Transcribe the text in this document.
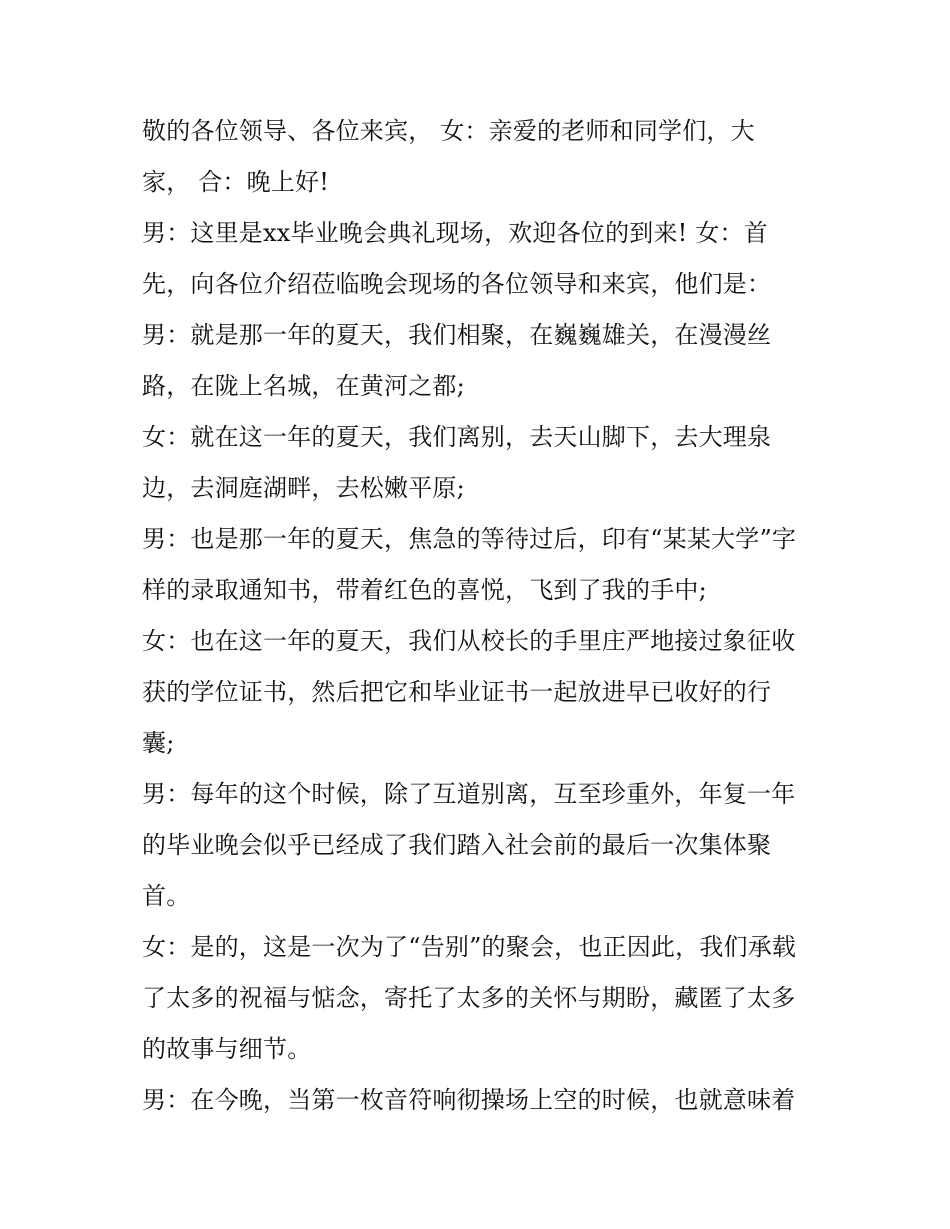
敬的各位领导、各位来宾， 女：亲爱的老师和同学们，大
家， 合：晚上好!
男：这里是xx毕业晚会典礼现场，欢迎各位的到来! 女：首
先，向各位介绍莅临晚会现场的各位领导和来宾，他们是：
男：就是那一年的夏天，我们相聚，在巍巍雄关，在漫漫丝
路，在陇上名城，在黄河之都;
女：就在这一年的夏天，我们离别，去天山脚下，去大理泉
边，去洞庭湖畔，去松嫩平原;
男：也是那一年的夏天，焦急的等待过后，印有“某某大学”字
样的录取通知书，带着红色的喜悦，飞到了我的手中;
女：也在这一年的夏天，我们从校长的手里庄严地接过象征收
获的学位证书，然后把它和毕业证书一起放进早已收好的行
囊;
男：每年的这个时候，除了互道别离，互至珍重外，年复一年
的毕业晚会似乎已经成了我们踏入社会前的最后一次集体聚
首。
女：是的，这是一次为了“告别”的聚会，也正因此，我们承载
了太多的祝福与惦念，寄托了太多的关怀与期盼，藏匿了太多
的故事与细节。
男：在今晚，当第一枚音符响彻操场上空的时候，也就意味着
